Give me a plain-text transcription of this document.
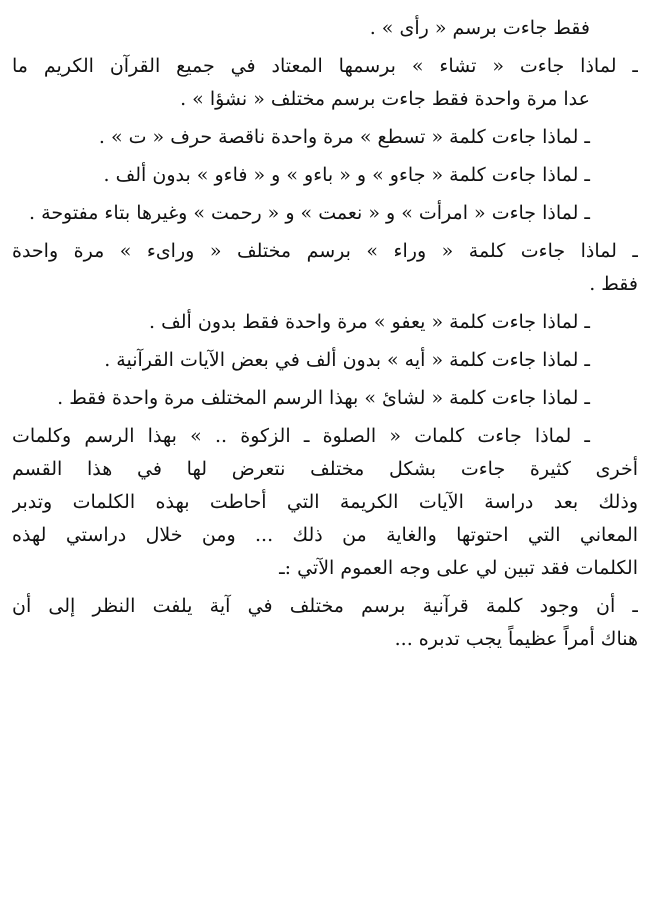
فقط جاءت برسم « رأى » .
ـ لماذا جاءت « تشاء » برسمها المعتاد في جميع القرآن الكريم ما
عدا مرة واحدة فقط جاءت برسم مختلف « نشؤا » .
ـ لماذا جاءت كلمة « تسطع » مرة واحدة ناقصة حرف « ت » .
ـ لماذا جاءت كلمة « جاءو » و « باءو » و « فاءو » بدون ألف .
ـ لماذا جاءت « امرأت » و « نعمت » و « رحمت » وغيرها بتاء مفتوحة .
ـ لماذا جاءت كلمة « وراء » برسم مختلف « وراىء » مرة واحدة
فقط .
ـ لماذا جاءت كلمة « يعفو » مرة واحدة فقط بدون ألف .
ـ لماذا جاءت كلمة « أيه » بدون ألف في بعض الآيات القرآنية .
ـ لماذا جاءت كلمة « لشائ » بهذا الرسم المختلف مرة واحدة فقط .
ـ لماذا جاءت كلمات « الصلوة ـ الزكوة .. » بهذا الرسم وكلمات
أخرى كثيرة جاءت بشكل مختلف نتعرض لها في هذا القسم
وذلك بعد دراسة الآيات الكريمة التي أحاطت بهذه الكلمات وتدبر
المعاني التي احتوتها والغاية من ذلك ... ومن خلال دراستي لهذه
الكلمات فقد تبين لي على وجه العموم الآتي :ـ
ـ أن وجود كلمة قرآنية برسم مختلف في آية يلفت النظر إلى أن
هناك أمراً عظيماً يجب تدبره ...
